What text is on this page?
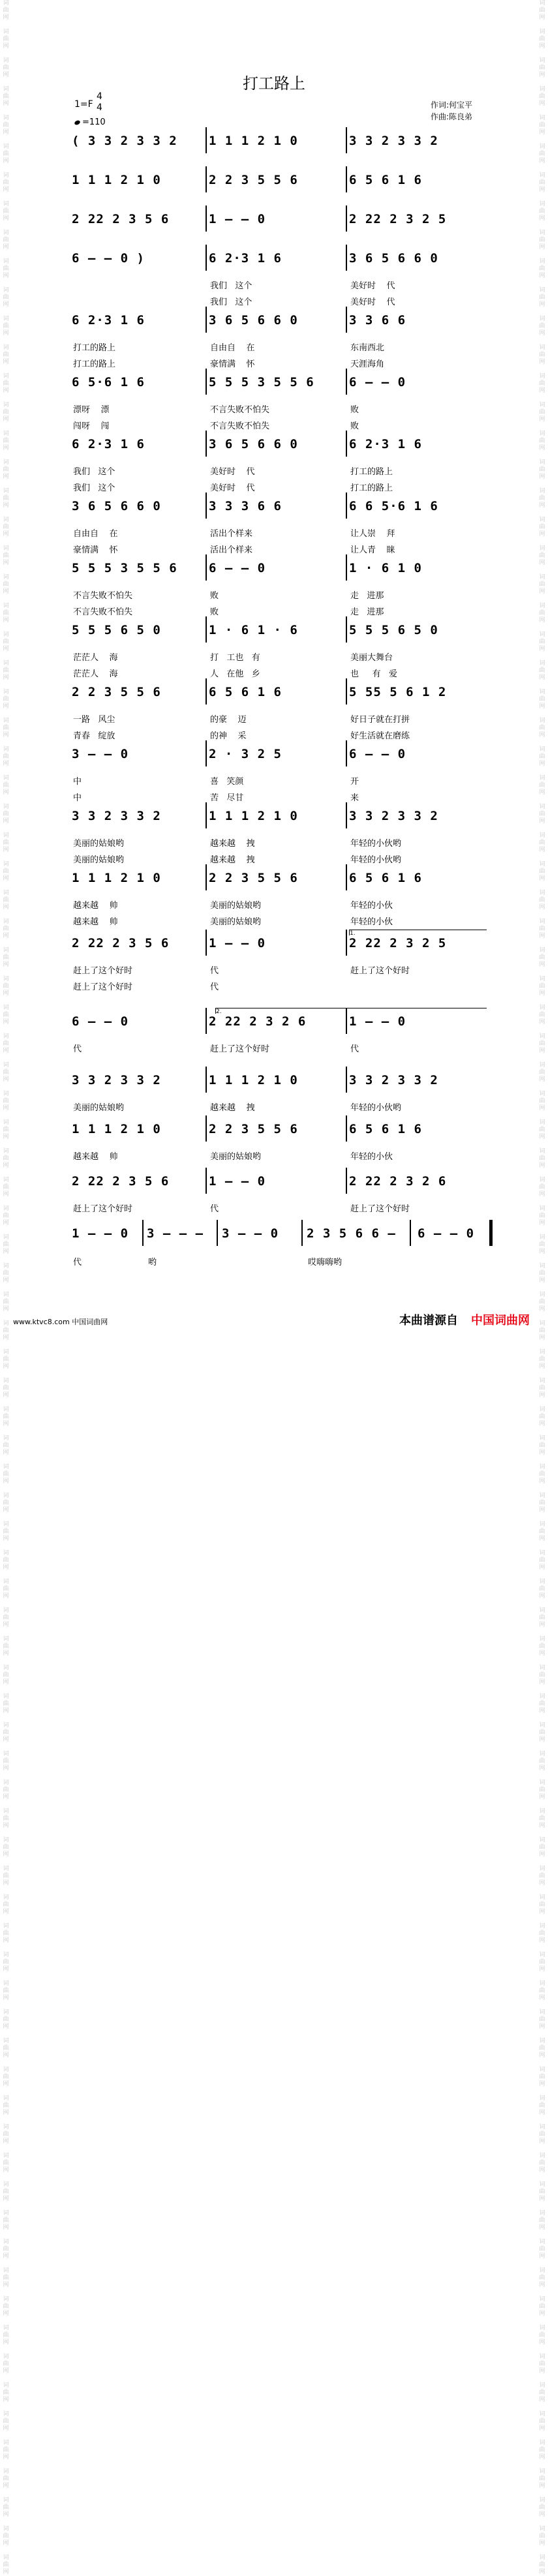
词
曲
网

词
曲
网

词
曲
网

词
曲
网

词
曲
网

词
曲
网

词
曲
网

词
曲
网

词
曲
网

词
曲
网

词
曲
网

词
曲
网

词
曲
网

词
曲
网

词
曲
网

词
曲
网

词
曲
网

词
曲
网

词
曲
网

词
曲
网

词
曲
网

词
曲
网

词
曲
网

词
曲
网

词
曲
网

词
曲
网

词
曲
网

词
曲
网

词
曲
网

词
曲
网

词
曲
网

词
曲
网

词
曲
网

词
曲
网

词
曲
网

词
曲
网

词
曲
网

词
曲
网

词
曲
网

词
曲
网

词
曲
网

词
曲
网

词
曲
网

词
曲
网

词
曲
网

词
曲
网

词
曲
网

词
曲
网

词
曲
网

词
曲
网

词
曲
网

词
曲
网

词
曲
网

词
曲
网

词
曲
网

词
曲
网

词
曲
网

词
曲
网

词
曲
网

词
曲
网

词
曲
网

词
曲
网

词
曲
网

词
曲
网

词
曲
网

词
曲
网

词
曲
网

词
曲
网

词
曲
网

词
曲
网

词
曲
网

词
曲
网

词
曲
网

词
曲
网

词
曲
网

词
曲
网

词
曲
网

词
曲
网

词
曲
网

词
曲
网

词
曲
网

词
曲
网

词
曲
网

词
曲
网

词
曲
网

词
曲
网

词
曲
网

词
曲
网

词
曲
网

词
曲
网

词
曲
网

词
曲
网

词
曲
网

词
曲
网

词
曲
网

词
曲
网

词
曲
网

词
曲
网

词
曲
网

词
曲
网

词
曲
网

词
曲
网

词
曲
网

词
曲
网

词
曲
网

词
曲
网

词
曲
网

词
曲
网

词
曲
网

词
曲
网

词
曲
网

词
曲
网

词
曲
网

词
曲
网

词
曲
网

词
曲
网

词
曲
网

词
曲
网

词
曲
网

词
曲
网

词
曲
网

词
曲
网

词
曲
网

词
曲
网

词
曲
网

词
曲
网

词
曲
网

词
曲
网

词
曲
网

词
曲
网

词
曲
网

词
曲
网

词
曲
网

词
曲
网

词
曲
网

词
曲
网

词
曲
网

词
曲
网

词
曲
网

词
曲
网

词
曲
网

词
曲
网

词
曲
网

词
曲
网

词
曲
网

词
曲
网

词
曲
网

词
曲
网

词
曲
网

词
曲
网

词
曲
网

词
曲
网

词
曲
网

词
曲
网

词
曲
网

词
曲
网

词
曲
网

词
曲
网

词
曲
网

词
曲
网

词
曲
网

词
曲
网

词
曲
网

词
曲
网

词
曲
网

词
曲
网

词
曲
网

词
曲
网

词
曲
网

词
曲
网

词
曲
网

词
曲
网

词
曲
网

词
曲
网

词
曲
网

词
曲
网

词
曲
网

词
曲
网

词
曲
网

词
曲
网

打工路上
1=F
4
4
=110
作词:何宝平
作曲:陈良弟
( 3 3 2 3 3 2	1 1 1 2 1 0	3 3 2 3 3 2
1 1 1 2 1 0	2 2 3 5 5 6	6 5 6 1 6
2 22 2 3 5 6	1 — — 0	2 22 2 3 2 5
6 — — 0 )	6 2·3 1 6
我们   这个
我们   这个
3 6 5 6 6 0
美好时    代
美好时    代
6 2·3 1 6
打工的路上
打工的路上
3 6 5 6 6 0
自由自    在
豪情满    怀
3 3 6 6
东南西北
天涯海角
6 5·6 1 6
漂呀    漂
闯呀    闯
5 5 5 3 5 5 6
不言失败不怕失
不言失败不怕失
6 — — 0
败
败
6 2·3 1 6
我们   这个
我们   这个
3 6 5 6 6 0
美好时    代
美好时    代
6 2·3 1 6
打工的路上
打工的路上
3 6 5 6 6 0
自由自    在
豪情满    怀
3 3 3 6 6
活出个样来
活出个样来
6 6 5·6 1 6
让人崇    拜
让人青    睐
5 5 5 3 5 5 6
不言失败不怕失
不言失败不怕失
6 — — 0
败
败
1 · 6 1 0
走   进那
走   进那
5 5 5 6 5 0
茫茫人    海
茫茫人    海
1 · 6 1 · 6
打   工也   有
人   在他   乡
5 5 5 6 5 0
美丽大舞台
也     有   爱
2 2 3 5 5 6
一路   风尘
青春   绽放
6 5 6 1 6
的豪    迈
的神    采
5 55 5 6 1 2
好日子就在打拼
好生活就在磨练
3 — — 0
中
中
2 · 3 2 5
喜   笑颜
苦   尽甘
6 — — 0
开
来
3 3 2 3 3 2
美丽的姑娘哟
美丽的姑娘哟
1 1 1 2 1 0
越来越    拽
越来越    拽
3 3 2 3 3 2
年轻的小伙哟
年轻的小伙哟
1 1 1 2 1 0
越来越    帅
越来越    帅
2 2 3 5 5 6
美丽的姑娘哟
美丽的姑娘哟
6 5 6 1 6
年轻的小伙
年轻的小伙
2 22 2 3 5 6
赶上了这个好时
赶上了这个好时
1 — — 0
代
代
2 22 2 3 2 5
赶上了这个好时
6 — — 0
代
2 22 2 3 2 6
赶上了这个好时
1 — — 0
代
3 3 2 3 3 2
美丽的姑娘哟
1 1 1 2 1 0
越来越    拽
3 3 2 3 3 2
年轻的小伙哟
1 1 1 2 1 0
越来越    帅
2 2 3 5 5 6
美丽的姑娘哟
6 5 6 1 6
年轻的小伙
2 22 2 3 5 6
赶上了这个好时
1 — — 0
代
2 22 2 3 2 6
赶上了这个好时
1.
2.
1 — — 0
代
3 — — —
哟
3 — — 0 2 3 5 6 6 —
哎嗨嗨哟
6 — — 0
www.ktvc8.com 中国词曲网	本曲谱源自 中国词曲网
